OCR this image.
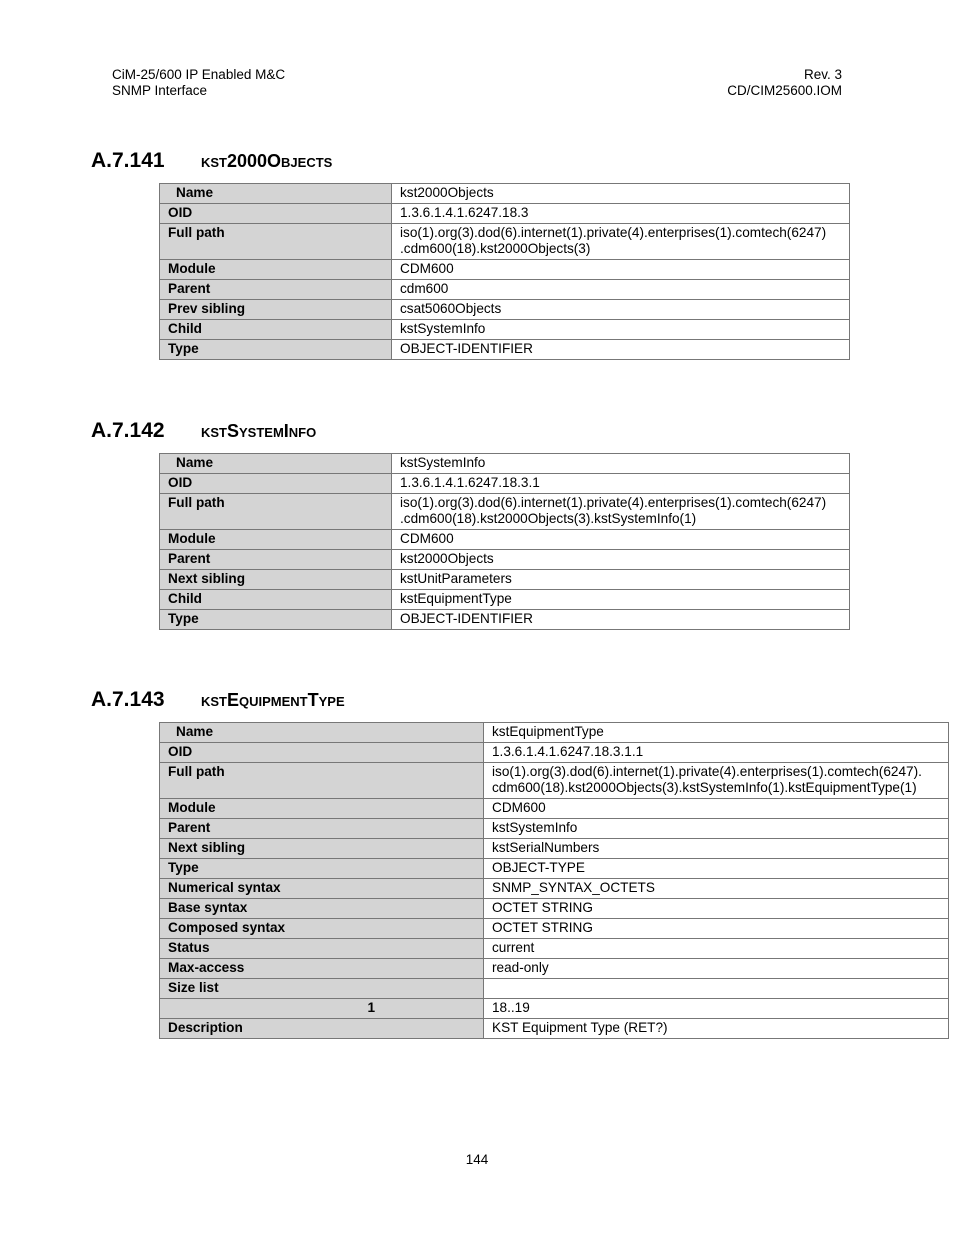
CiM-25/600 IP Enabled M&C
SNMP Interface
Rev. 3
CD/CIM25600.IOM
A.7.141 kst2000Objects
Name	kst2000Objects
OID	1.3.6.1.4.1.6247.18.3
Full path	iso(1).org(3).dod(6).internet(1).private(4).enterprises(1).comtech(6247)
.cdm600(18).kst2000Objects(3)

Module	CDM600
Parent	cdm600
Prev sibling	csat5060Objects
Child	kstSystemInfo
Type	OBJECT-IDENTIFIER
A.7.142 kstSystemInfo
Name	kstSystemInfo
OID	1.3.6.1.4.1.6247.18.3.1
Full path	iso(1).org(3).dod(6).internet(1).private(4).enterprises(1).comtech(6247)
.cdm600(18).kst2000Objects(3).kstSystemInfo(1)

Module	CDM600
Parent	kst2000Objects
Next sibling	kstUnitParameters
Child	kstEquipmentType
Type	OBJECT-IDENTIFIER
A.7.143 kstEquipmentType
Name	kstEquipmentType
OID	1.3.6.1.4.1.6247.18.3.1.1
Full path	iso(1).org(3).dod(6).internet(1).private(4).enterprises(1).comtech(6247).
cdm600(18).kst2000Objects(3).kstSystemInfo(1).kstEquipmentType(1)

Module	CDM600
Parent	kstSystemInfo
Next sibling	kstSerialNumbers
Type	OBJECT-TYPE
Numerical syntax	SNMP_SYNTAX_OCTETS
Base syntax	OCTET STRING
Composed syntax	OCTET STRING
Status	current
Max-access	read-only
Size list	
1	18..19
Description	KST Equipment Type (RET?)
144
